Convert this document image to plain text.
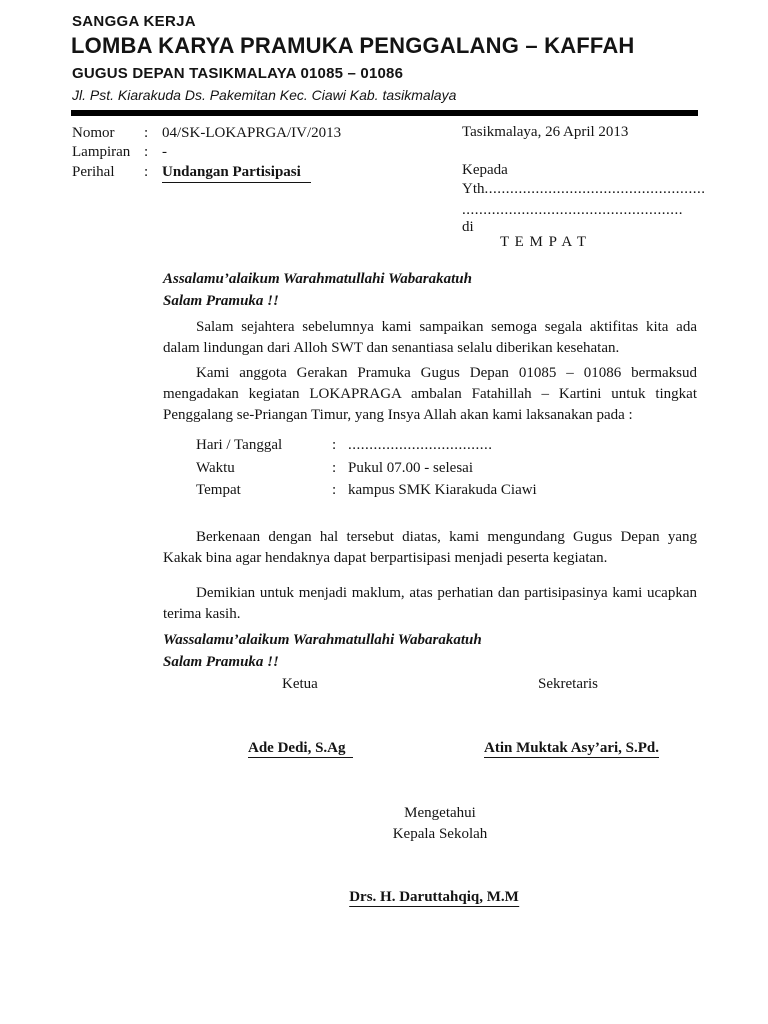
SANGGA KERJA
LOMBA KARYA PRAMUKA PENGGALANG – KAFFAH
GUGUS DEPAN TASIKMALAYA 01085 – 01086
Jl. Pst. Kiarakuda Ds. Pakemitan Kec. Ciawi Kab. tasikmalaya
Nomor	: 04/SK-LOKAPRGA/IV/2013
Lampiran : -
Perihal	: Undangan Partisipasi
Tasikmalaya, 26 April 2013
Kepada
Yth....................................................
....................................................
di
T E M P A T
Assalamu’alaikum Warahmatullahi Wabarakatuh
Salam Pramuka !!
Salam sejahtera sebelumnya kami sampaikan semoga segala aktifitas kita ada dalam lindungan dari Alloh SWT dan senantiasa selalu diberikan kesehatan.
Kami anggota Gerakan Pramuka Gugus Depan 01085 – 01086 bermaksud mengadakan kegiatan LOKAPRAGA ambalan Fatahillah – Kartini untuk tingkat Penggalang se-Priangan Timur, yang Insya Allah akan kami laksanakan pada :
Hari / Tanggal	: ..................................
Waktu	: Pukul 07.00 - selesai
Tempat	: kampus SMK Kiarakuda Ciawi
Berkenaan dengan hal tersebut diatas, kami mengundang Gugus Depan yang Kakak bina agar hendaknya dapat berpartisipasi menjadi peserta kegiatan.
Demikian untuk menjadi maklum, atas perhatian dan partisipasinya kami ucapkan terima kasih.
Wassalamu’alaikum Warahmatullahi Wabarakatuh
Salam Pramuka !!
Ketua	Sekretaris
Ade Dedi, S.Ag	Atin Muktak Asy’ari, S.Pd.
Mengetahui
Kepala Sekolah
Drs. H. Daruttahqiq, M.M
